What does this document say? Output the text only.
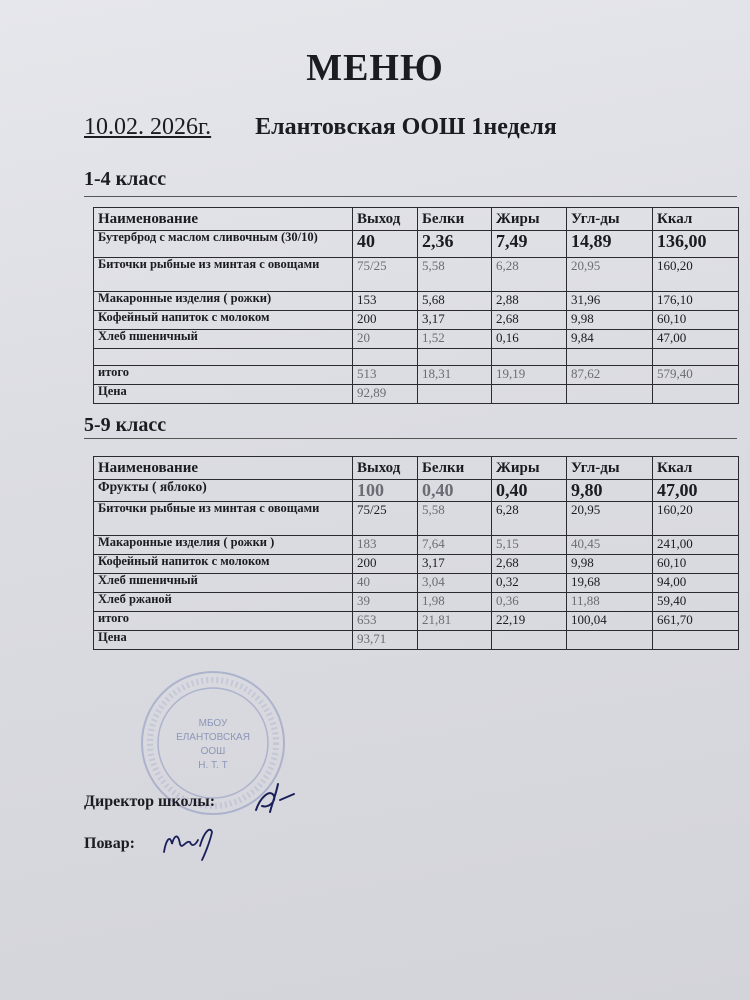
МЕНЮ
10.02. 2026г. Елантовская ООШ 1неделя
1-4 класс
Наименование	Выход	Белки	Жиры	Угл-ды	Ккал
Бутерброд с маслом сливочным (30/10)	40	2,36	7,49	14,89	136,00
Биточки рыбные из минтая с овощами	75/25	5,58	6,28	20,95	160,20
Макаронные изделия ( рожки)	153	5,68	2,88	31,96	176,10
Кофейный напиток с молоком	200	3,17	2,68	9,98	60,10
Хлеб пшеничный	20	1,52	0,16	9,84	47,00

итого	513	18,31	19,19	87,62	579,40
Цена	92,89				
5-9 класс
Наименование	Выход	Белки	Жиры	Угл-ды	Ккал
Фрукты ( яблоко)	100	0,40	0,40	9,80	47,00
Биточки рыбные из минтая с овощами	75/25	5,58	6,28	20,95	160,20
Макаронные изделия ( рожки )	183	7,64	5,15	40,45	241,00
Кофейный напиток с молоком	200	3,17	2,68	9,98	60,10
Хлеб пшеничный	40	3,04	0,32	19,68	94,00
Хлеб ржаной	39	1,98	0,36	11,88	59,40
итого	653	21,81	22,19	100,04	661,70
Цена	93,71				
МБОУ
ЕЛАНТОВСКАЯ
ООШ
Н. Т. Т
Директор школы:
Повар:
